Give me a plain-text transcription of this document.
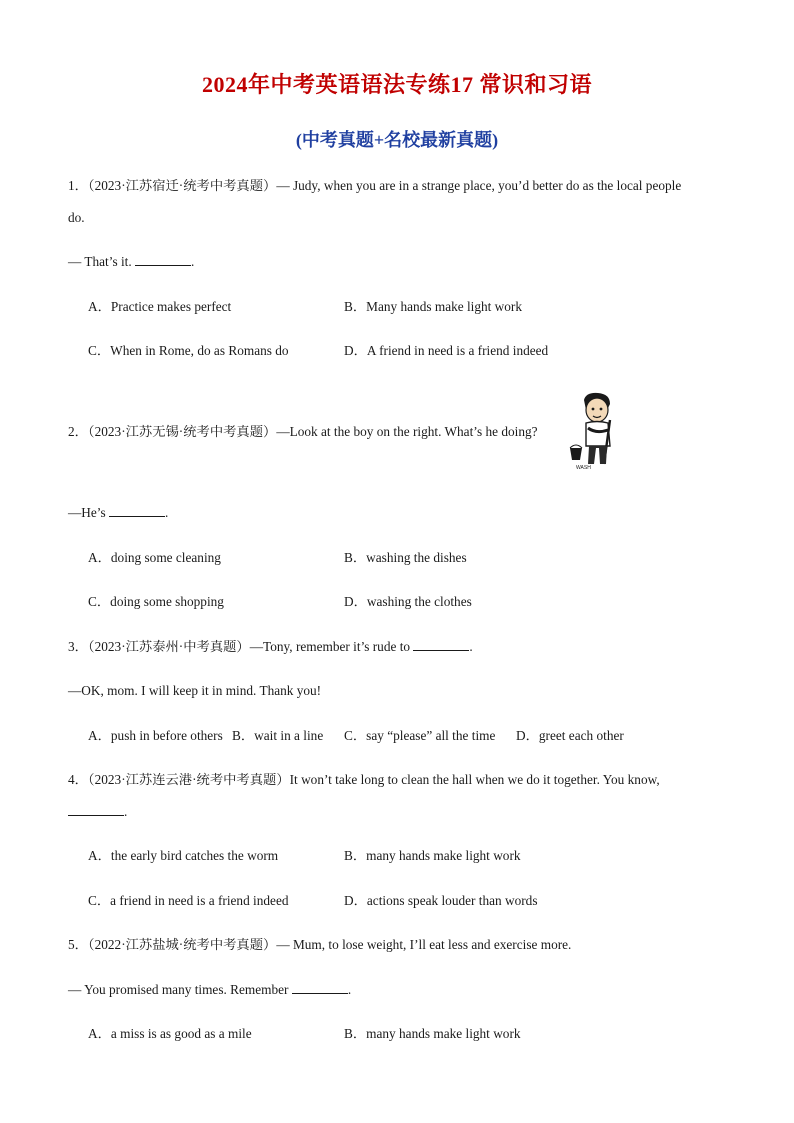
2024年中考英语语法专练17 常识和习语
(中考真题+名校最新真题)
1．（2023·江苏宿迁·统考中考真题）— Judy, when you are in a strange place, you’d better do as the local people
do.
— That’s it.	.
A．Practice makes perfect	B．Many hands make light work
C．When in Rome, do as Romans do	D．A friend in need is a friend indeed
2．（2023·江苏无锡·统考中考真题）—Look at the boy on the right. What’s he doing?
WASH
—He’s	.
A．doing some cleaning	B．washing the dishes
C．doing some shopping	D．washing the clothes
3．（2023·江苏泰州·中考真题）—Tony, remember it’s rude to	.
—OK, mom. I will keep it in mind. Thank you!
A．push in before others B．wait in a line C．say “please” all the time D．greet each other
4．（2023·江苏连云港·统考中考真题）It won’t take long to clean the hall when we do it together. You know,
.
A．the early bird catches the worm	B．many hands make light work
C．a friend in need is a friend indeed	D．actions speak louder than words
5．（2022·江苏盐城·统考中考真题）— Mum, to lose weight, I’ll eat less and exercise more.
— You promised many times. Remember	.
A．a miss is as good as a mile	B．many hands make light work
